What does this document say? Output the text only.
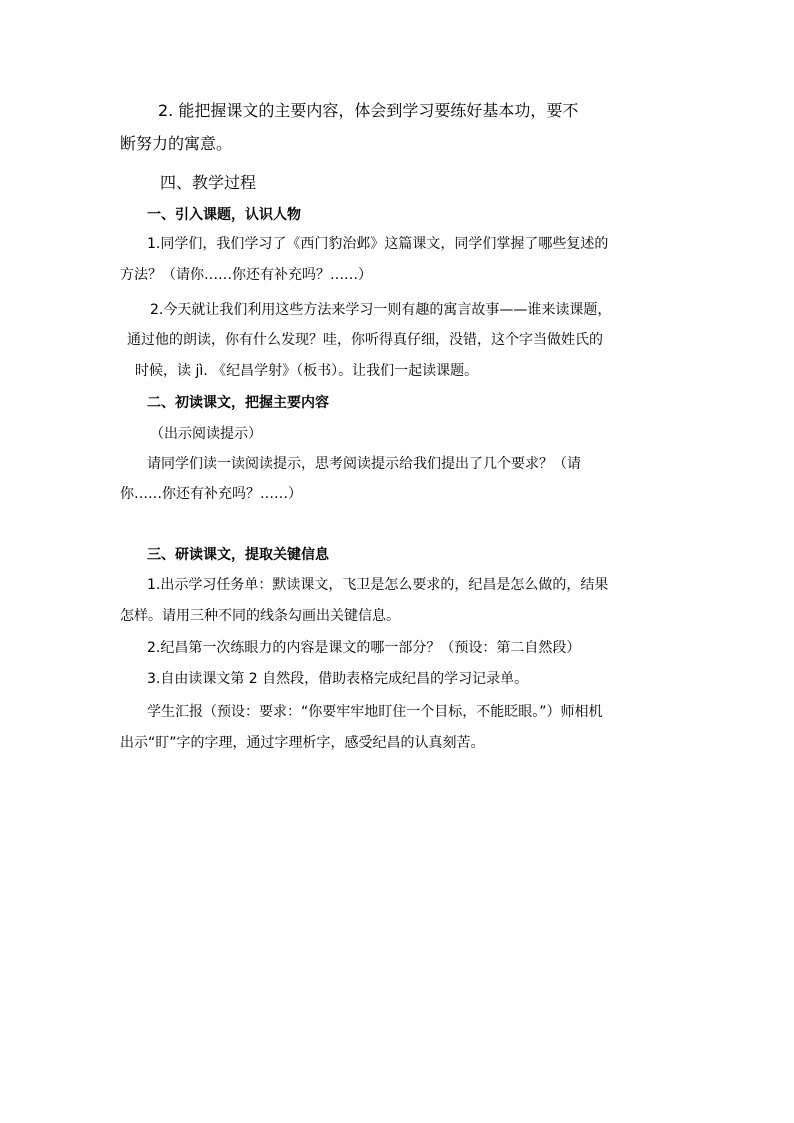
2. 能把握课文的主要内容，体会到学习要练好基本功，要不
断努力的寓意。
四、教学过程
一、引入课题，认识人物
1.同学们，我们学习了《西门豹治邺》这篇课文，同学们掌握了哪些复述的
方法？（请你……你还有补充吗？……）
2.今天就让我们利用这些方法来学习一则有趣的寓言故事——谁来读课题，
通过他的朗读，你有什么发现？哇，你听得真仔细，没错，这个字当做姓氏的
时候，读 jì. 《纪昌学射》（板书）。让我们一起读课题。
二、初读课文，把握主要内容
（出示阅读提示）
请同学们读一读阅读提示，思考阅读提示给我们提出了几个要求？（请
你……你还有补充吗？……）
三、研读课文，提取关键信息
1.出示学习任务单：默读课文，飞卫是怎么要求的，纪昌是怎么做的，结果
怎样。请用三种不同的线条勾画出关键信息。
2.纪昌第一次练眼力的内容是课文的哪一部分？（预设：第二自然段）
3.自由读课文第 2 自然段，借助表格完成纪昌的学习记录单。
学生汇报（预设：要求：“你要牢牢地盯住一个目标，不能眨眼。”）师相机
出示“盯”字的字理，通过字理析字，感受纪昌的认真刻苦。
